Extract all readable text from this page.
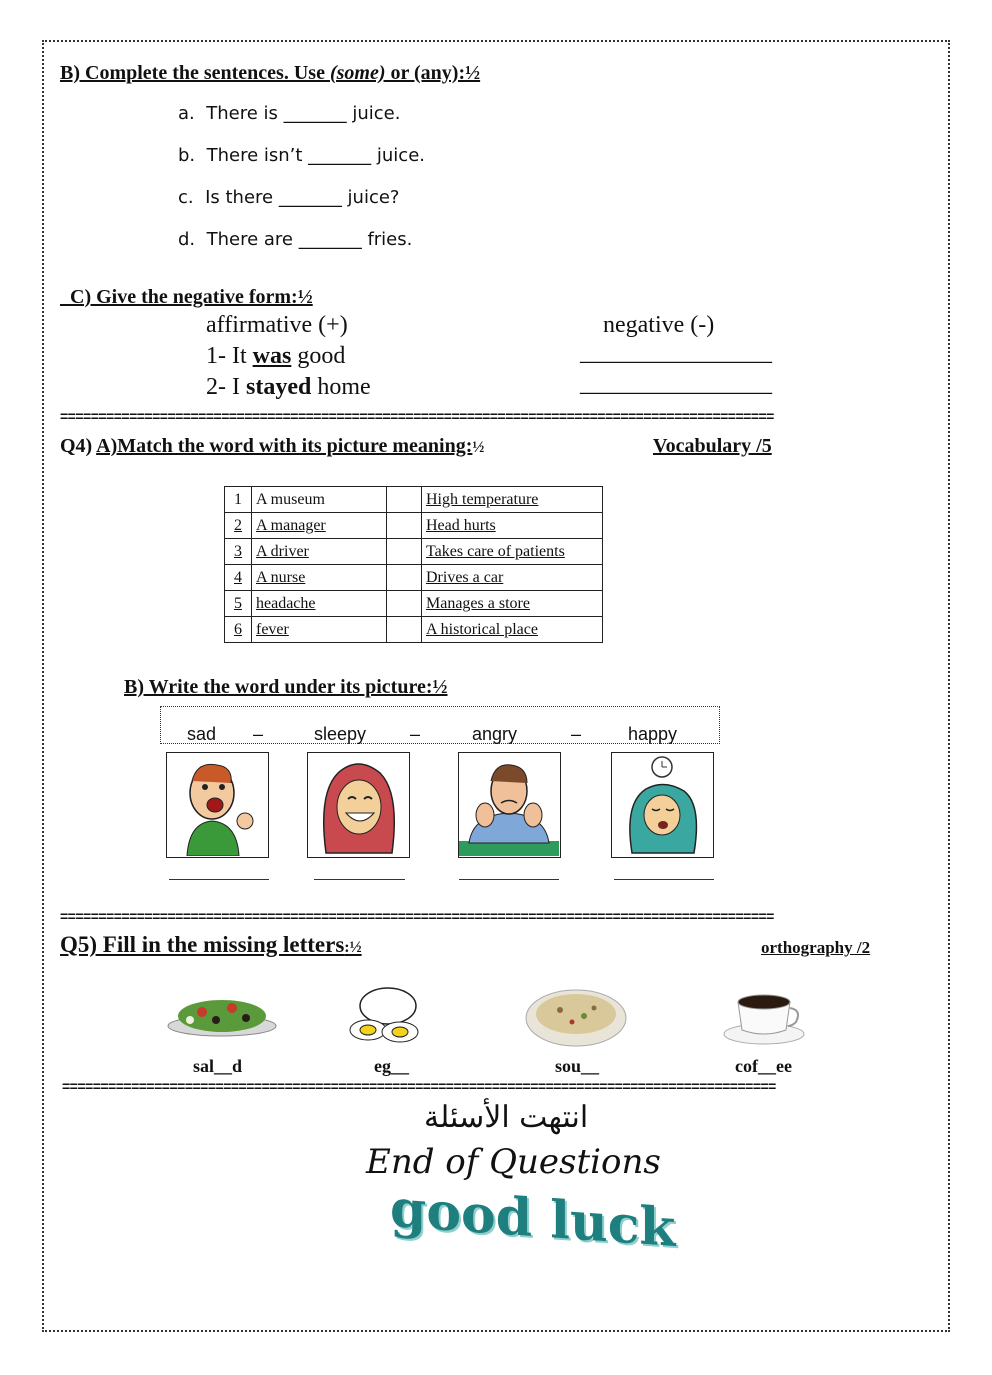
B) Complete the sentences. Use (some) or (any):½
a. There is _______ juice.
b. There isn’t _______ juice.
c. Is there _______ juice?
d. There are _______ fries.
C) Give the negative form:½
affirmative (+)	negative (-)
1- It was good	________________
2- I stayed home	________________
=============================================================================================
Q4) A)Match the word with its picture meaning:½	Vocabulary /5
1	A museum		High temperature
2	A manager		Head hurts
3	A driver		Takes care of patients
4	A nurse		Drives a car
5	headache		Manages a store
6	fever		A historical place
B) Write the word under its picture:½
sad –	sleepy –	angry	–	happy
=============================================================================================
Q5) Fill in the missing letters:½	orthography /2
sal__d	eg__	sou__	cof__ee
=============================================================================================
انتهت الأسئلة
End of Questions
good luck
